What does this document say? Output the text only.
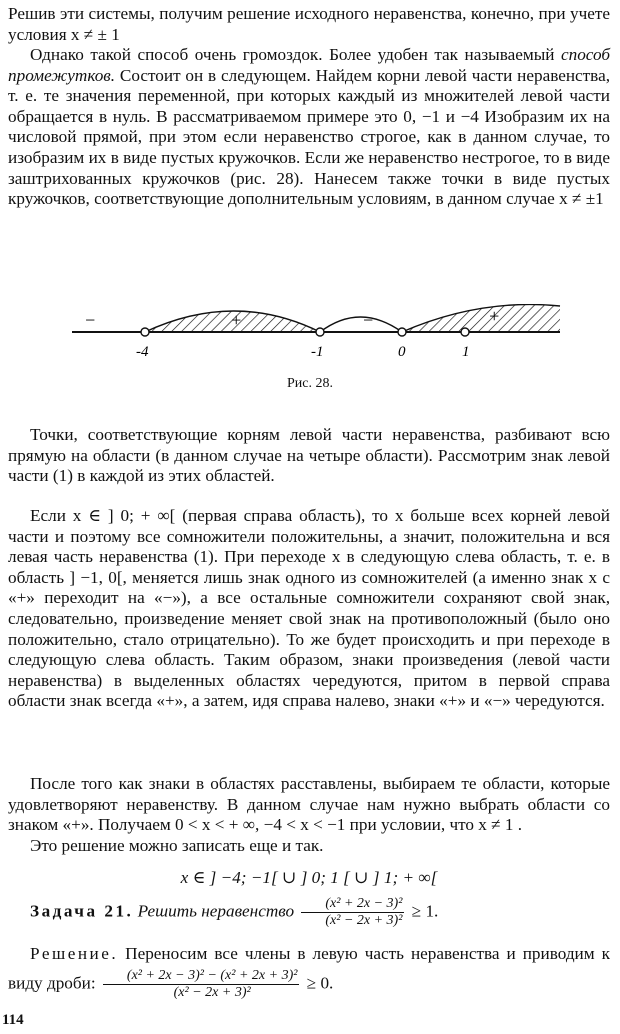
Решив эти системы, получим решение исходного неравенства, конечно, при учете условия x ≠ ± 1
Однако такой способ очень громоздок. Более удобен так называемый способ промежутков. Состоит он в следующем. Найдем корни левой части неравенства, т. е. те значения переменной, при которых каждый из множителей левой части обращается в нуль. В рассматриваемом примере это 0, −1 и −4 Изобразим их на числовой прямой, при этом если неравенство строгое, как в данном случае, то изобразим их в виде пустых кружочков. Если же неравенство нестрогое, то в виде заштрихованных кружочков (рис. 28). Нанесем также точки в виде пустых кружочков, соответствующие дополнительным условиям, в данном случае x ≠ ±1
−	+	−	+
-4	-1	0	1
Рис. 28.
Точки, соответствующие корням левой части неравенства, разбивают всю прямую на области (в данном случае на четыре области). Рассмотрим знак левой части (1) в каждой из этих областей.
Если x ∈ ] 0; + ∞[ (первая справа область), то x больше всех корней левой части и поэтому все сомножители положительны, а значит, положительна и вся левая часть неравенства (1). При переходе x в следующую слева область, т. е. в область ] −1, 0[, меняется лишь знак одного из сомножителей (а именно знак x с «+» переходит на «−»), а все остальные сомножители сохраняют свой знак, следовательно, произведение меняет свой знак на противоположный (было оно положительно, стало отрицательно). То же будет происходить и при переходе в следующую слева область. Таким образом, знаки произведения (левой части неравенства) в выделенных областях чередуются, притом в первой справа области знак всегда «+», а затем, идя справа налево, знаки «+» и «−» чередуются.
После того как знаки в областях расставлены, выбираем те области, которые удовлетворяют неравенству. В данном случае нам нужно выбрать области со знаком «+». Получаем 0 < x < + ∞, −4 < x < −1 при условии, что x ≠ 1 .
Это решение можно записать еще и так.
x ∈ ] −4; −1[ ∪ ] 0; 1 [ ∪ ] 1; + ∞[
Задача 21. Решить неравенство $\frac{\text{(x² + 2x − 3)²}}{\text{(x² − 2x + 3)²}} \ge 1$.
Решение. Переносим все члены в левую часть неравенства и приводим к виду дроби: $\frac{\text{(x² + 2x − 3)² − (x² + 2x + 3)²}}{\text{(x² − 2x + 3)²}} \ge 0$.
114
